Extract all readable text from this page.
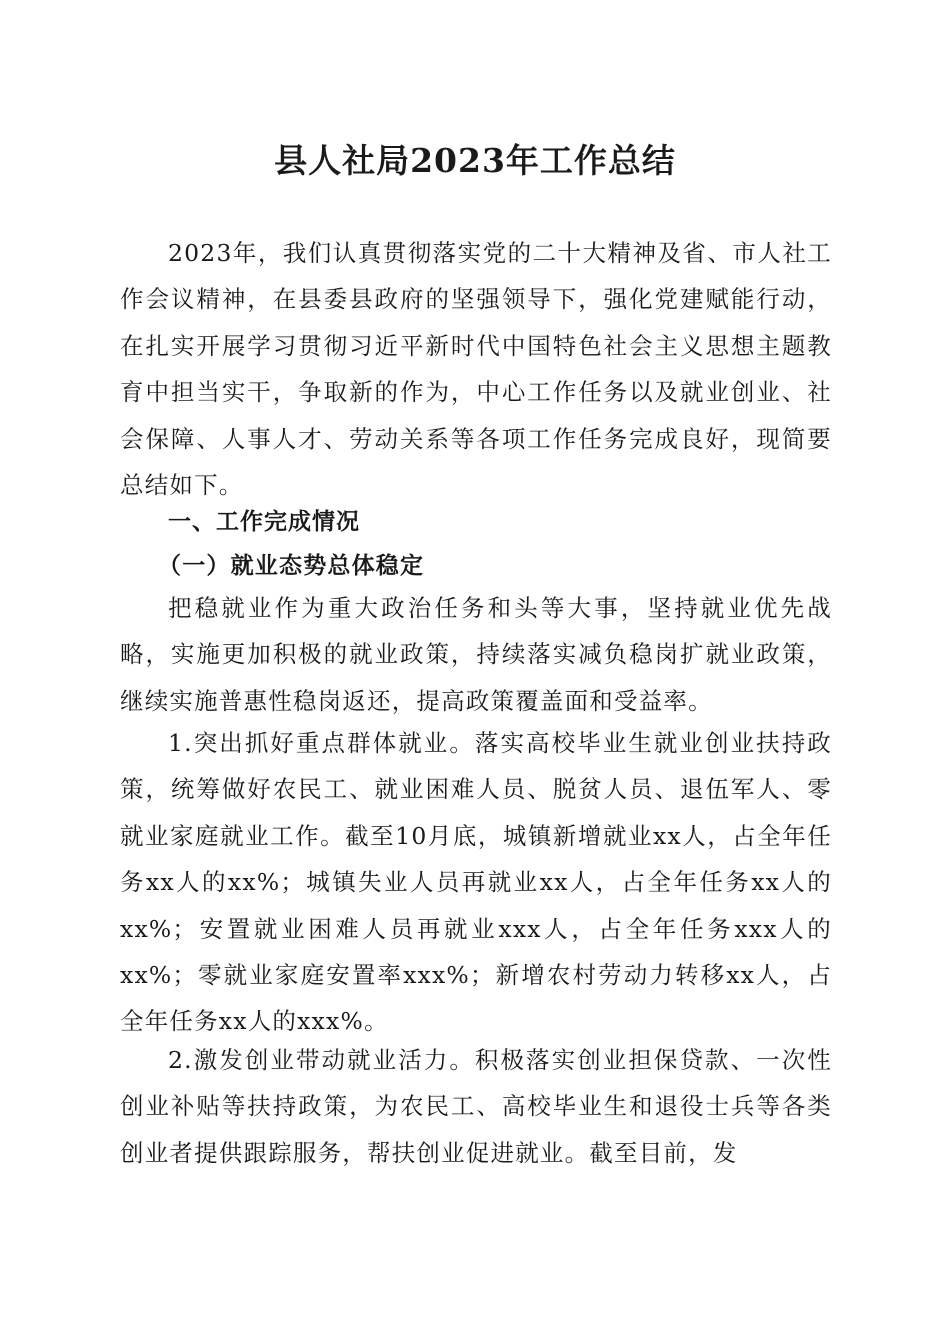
县人社局2023年工作总结

2023年，我们认真贯彻落实党的二十大精神及省、市人社工作会议精神，在县委县政府的坚强领导下，强化党建赋能行动，在扎实开展学习贯彻习近平新时代中国特色社会主义思想主题教育中担当实干，争取新的作为，中心工作任务以及就业创业、社会保障、人事人才、劳动关系等各项工作任务完成良好，现简要总结如下。

一、工作完成情况
（一）就业态势总体稳定

把稳就业作为重大政治任务和头等大事，坚持就业优先战略，实施更加积极的就业政策，持续落实减负稳岗扩就业政策，继续实施普惠性稳岗返还，提高政策覆盖面和受益率。

1.突出抓好重点群体就业。落实高校毕业生就业创业扶持政策，统筹做好农民工、就业困难人员、脱贫人员、退伍军人、零就业家庭就业工作。截至10月底，城镇新增就业xx人，占全年任务xx人的xx%；城镇失业人员再就业xx人，占全年任务xx人的xx%；安置就业困难人员再就业xxx人，占全年任务xxx人的xx%；零就业家庭安置率xxx%；新增农村劳动力转移xx人，占全年任务xx人的xxx%。

2.激发创业带动就业活力。积极落实创业担保贷款、一次性创业补贴等扶持政策，为农民工、高校毕业生和退役士兵等各类创业者提供跟踪服务，帮扶创业促进就业。截至目前，发
